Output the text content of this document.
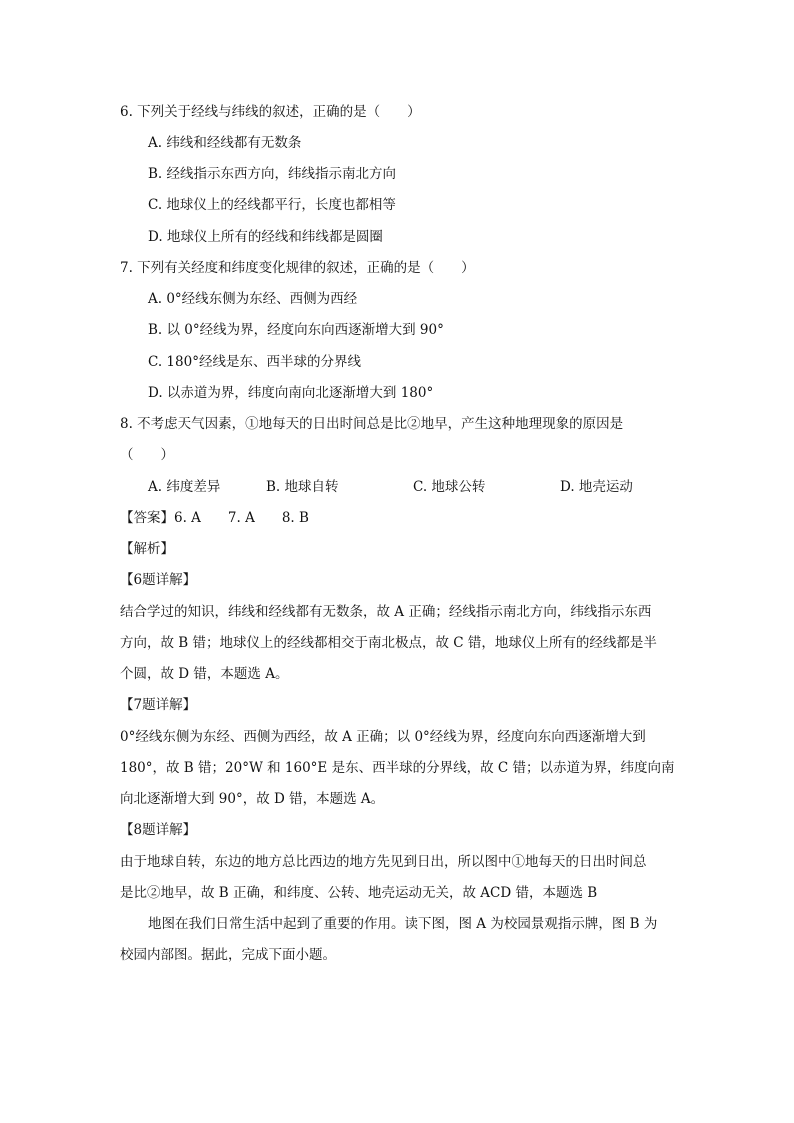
6. 下列关于经线与纬线的叙述，正确的是（　　）
A. 纬线和经线都有无数条
B. 经线指示东西方向，纬线指示南北方向
C. 地球仪上的经线都平行，长度也都相等
D. 地球仪上所有的经线和纬线都是圆圈
7. 下列有关经度和纬度变化规律的叙述，正确的是（　　）
A. 0°经线东侧为东经、西侧为西经
B. 以 0°经线为界，经度向东向西逐渐增大到 90°
C. 180°经线是东、西半球的分界线
D. 以赤道为界，纬度向南向北逐渐增大到 180°
8. 不考虑天气因素，①地每天的日出时间总是比②地早，产生这种地理现象的原因是
（　　）
A. 纬度差异	B. 地球自转	C. 地球公转	D. 地壳运动
【答案】6. A　　7. A　　8. B
【解析】
【6题详解】
结合学过的知识，纬线和经线都有无数条，故 A 正确；经线指示南北方向，纬线指示东西
方向，故 B 错；地球仪上的经线都相交于南北极点，故 C 错，地球仪上所有的经线都是半
个圆，故 D 错，本题选 A。
【7题详解】
0°经线东侧为东经、西侧为西经，故 A 正确；以 0°经线为界，经度向东向西逐渐增大到
180°，故 B 错；20°W 和 160°E 是东、西半球的分界线，故 C 错；以赤道为界，纬度向南
向北逐渐增大到 90°，故 D 错，本题选 A。
【8题详解】
由于地球自转，东边的地方总比西边的地方先见到日出，所以图中①地每天的日出时间总
是比②地早，故 B 正确，和纬度、公转、地壳运动无关，故 ACD 错，本题选 B
地图在我们日常生活中起到了重要的作用。读下图，图 A 为校园景观指示牌，图 B 为
校园内部图。据此，完成下面小题。
